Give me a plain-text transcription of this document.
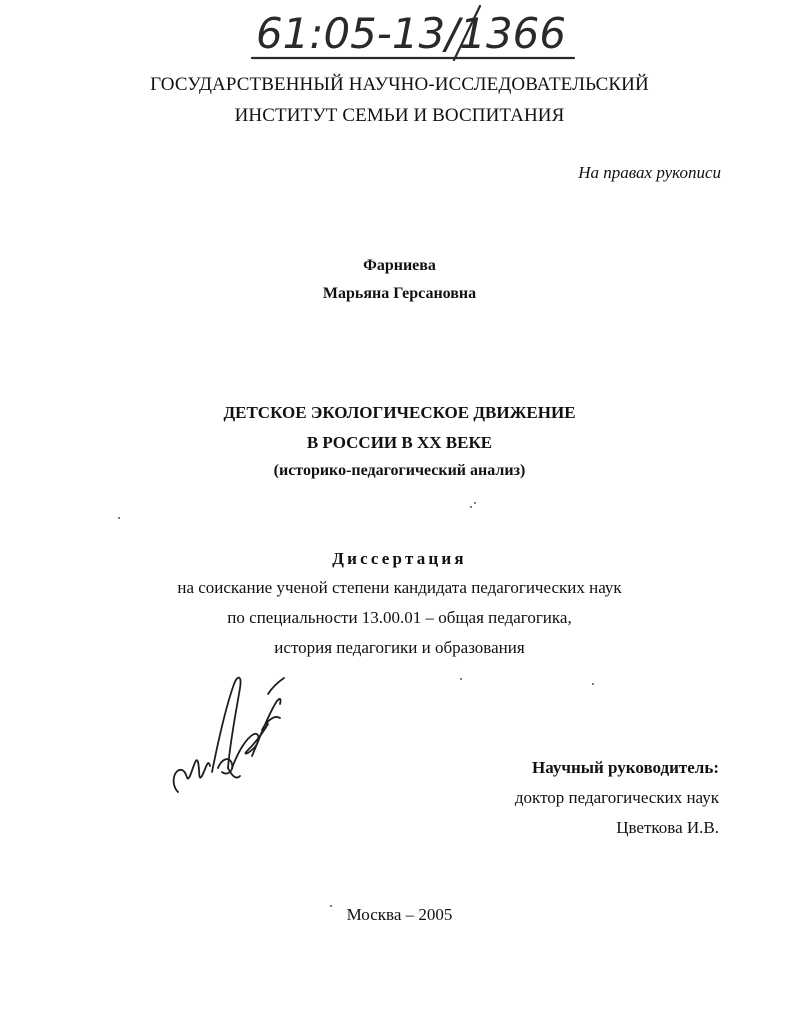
61:05-13/1366
ГОСУДАРСТВЕННЫЙ НАУЧНО-ИССЛЕДОВАТЕЛЬСКИЙ
ИНСТИТУТ СЕМЬИ И ВОСПИТАНИЯ
На правах рукописи
Фарниева
Марьяна Герсановна
ДЕТСКОЕ ЭКОЛОГИЧЕСКОЕ ДВИЖЕНИЕ
В РОССИИ В XX ВЕКЕ
(историко-педагогический анализ)
Диссертация
на соискание ученой степени кандидата педагогических наук
по специальности 13.00.01 – общая педагогика,
история педагогики и образования
Научный руководитель:
доктор педагогических наук
Цветкова И.В.
Москва – 2005
